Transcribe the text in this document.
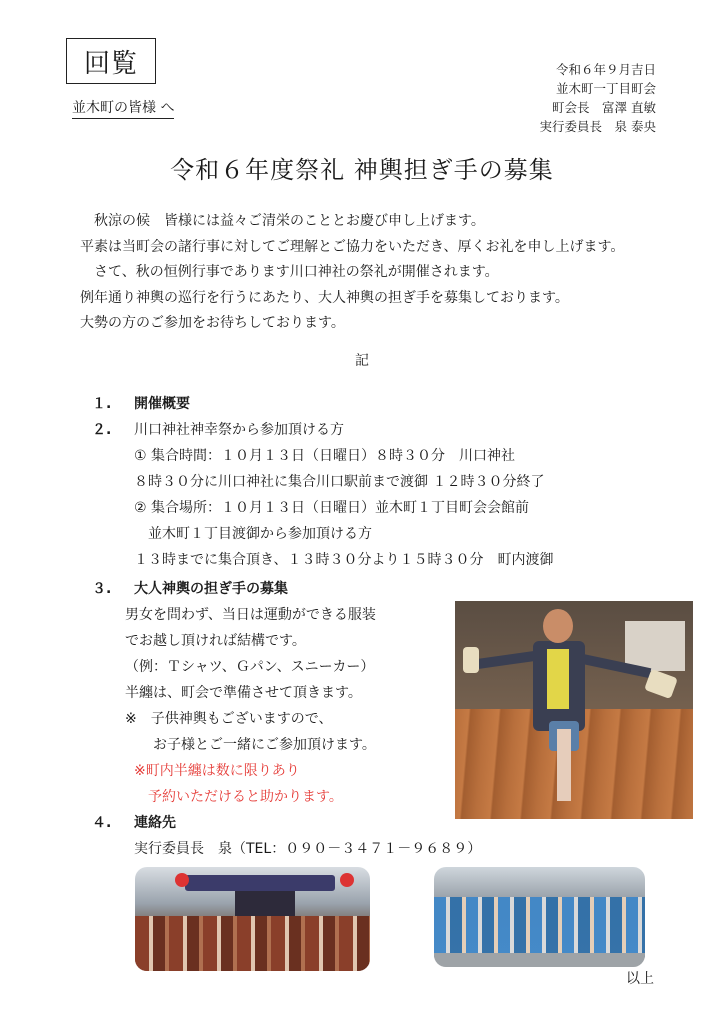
回覧
並木町の皆様 へ
令和６年９月吉日
並木町一丁目町会
町会長　富澤 直敏
実行委員長　泉 泰央
令和６年度祭礼 神輿担ぎ手の募集
　秋涼の候　皆様には益々ご清栄のこととお慶び申し上げます。
平素は当町会の諸行事に対してご理解とご協力をいただき、厚くお礼を申し上げます。
　さて、秋の恒例行事であります川口神社の祭礼が開催されます。
例年通り神輿の巡行を行うにあたり、大人神輿の担ぎ手を募集しております。
大勢の方のご参加をお待ちしております。
記
１. 開催概要
２. 川口神社神幸祭から参加頂ける方
① 集合時間：１０月１３日（日曜日）８時３０分　川口神社
８時３０分に川口神社に集合川口駅前まで渡御 １２時３０分終了
② 集合場所：１０月１３日（日曜日）並木町１丁目町会会館前
　並木町１丁目渡御から参加頂ける方
１３時までに集合頂き、１３時３０分より１５時３０分　町内渡御
３. 大人神輿の担ぎ手の募集
男女を問わず、当日は運動ができる服装
でお越し頂ければ結構です。
（例：Ｔシャツ、Ｇパン、スニーカー）
半纏は、町会で準備させて頂きます。
※　子供神輿もございますので、
　　お子様とご一緒にご参加頂けます。
※町内半纏は数に限りあり
　予約いただけると助かります。
４. 連絡先
実行委員長　泉（TEL：０９０－３４７１－９６８９）
以上
